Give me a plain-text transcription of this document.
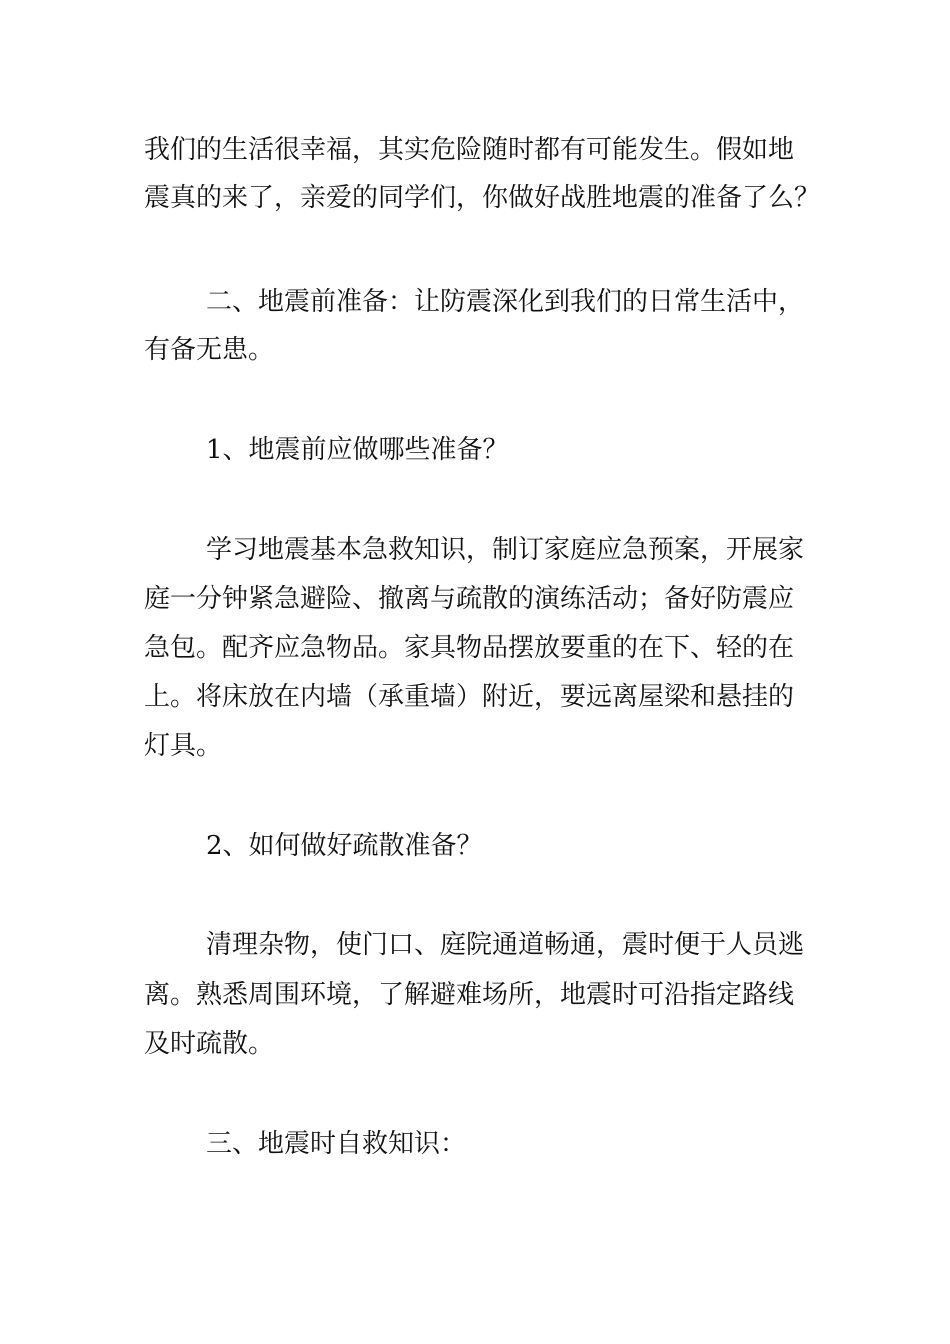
我们的生活很幸福，其实危险随时都有可能发生。假如地
震真的来了，亲爱的同学们，你做好战胜地震的准备了么？
二、地震前准备：让防震深化到我们的日常生活中，
有备无患。
1、地震前应做哪些准备？
学习地震基本急救知识，制订家庭应急预案，开展家
庭一分钟紧急避险、撤离与疏散的演练活动；备好防震应
急包。配齐应急物品。家具物品摆放要重的在下、轻的在
上。将床放在内墙（承重墙）附近，要远离屋梁和悬挂的
灯具。
2、如何做好疏散准备？
清理杂物，使门口、庭院通道畅通，震时便于人员逃
离。熟悉周围环境，了解避难场所，地震时可沿指定路线
及时疏散。
三、地震时自救知识：
